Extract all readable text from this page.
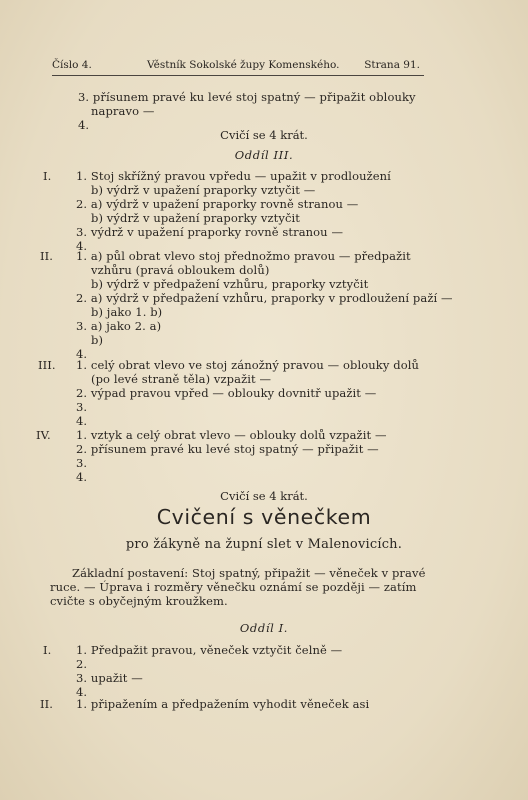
Číslo 4.	Věstník Sokolské župy Komenského. Strana 91.
3. přísunem pravé ku levé stoj spatný — připažit oblouky
napravo —
4.
I. 1. Stoj skřížný pravou vpředu — upažit v prodloužení
b) výdrž v upažení praporky vztyčit —
2. a) výdrž v upažení praporky rovně stranou —
b) výdrž v upažení praporky vztyčit
3. výdrž v upažení praporky rovně stranou —
4.
II. 1. a) půl obrat vlevo stoj přednožmo pravou — předpažit
vzhůru (pravá obloukem dolů)
b) výdrž v předpažení vzhůru, praporky vztyčit
2. a) výdrž v předpažení vzhůru, praporky v prodloužení paží —
b) jako 1. b)
3. a) jako 2. a)
b)
4.
III. 1. celý obrat vlevo ve stoj zánožný pravou — oblouky dolů
(po levé straně těla) vzpažit —
2. výpad pravou vpřed — oblouky dovnitř upažit —
3.
4.
IV. 1. vztyk a celý obrat vlevo — oblouky dolů vzpažit —
2. přísunem pravé ku levé stoj spatný — připažit —
3.
4.
I. 1. Předpažit pravou, věneček vztyčit čelně —
2.
3. upažit —
4.
II. 1. připažením a předpažením vyhodit věneček asi
Cvičí se 4 krát.
Oddíl III.
Cvičí se 4 krát.
Cvičení s věnečkem
pro žákyně na župní slet v Malenovicích.
Základní postavení: Stoj spatný, připažit — věneček v pravé
ruce. — Úprava i rozměry věnečku oznámí se později — zatím
cvičte s obyčejným kroužkem.
Oddíl I.
